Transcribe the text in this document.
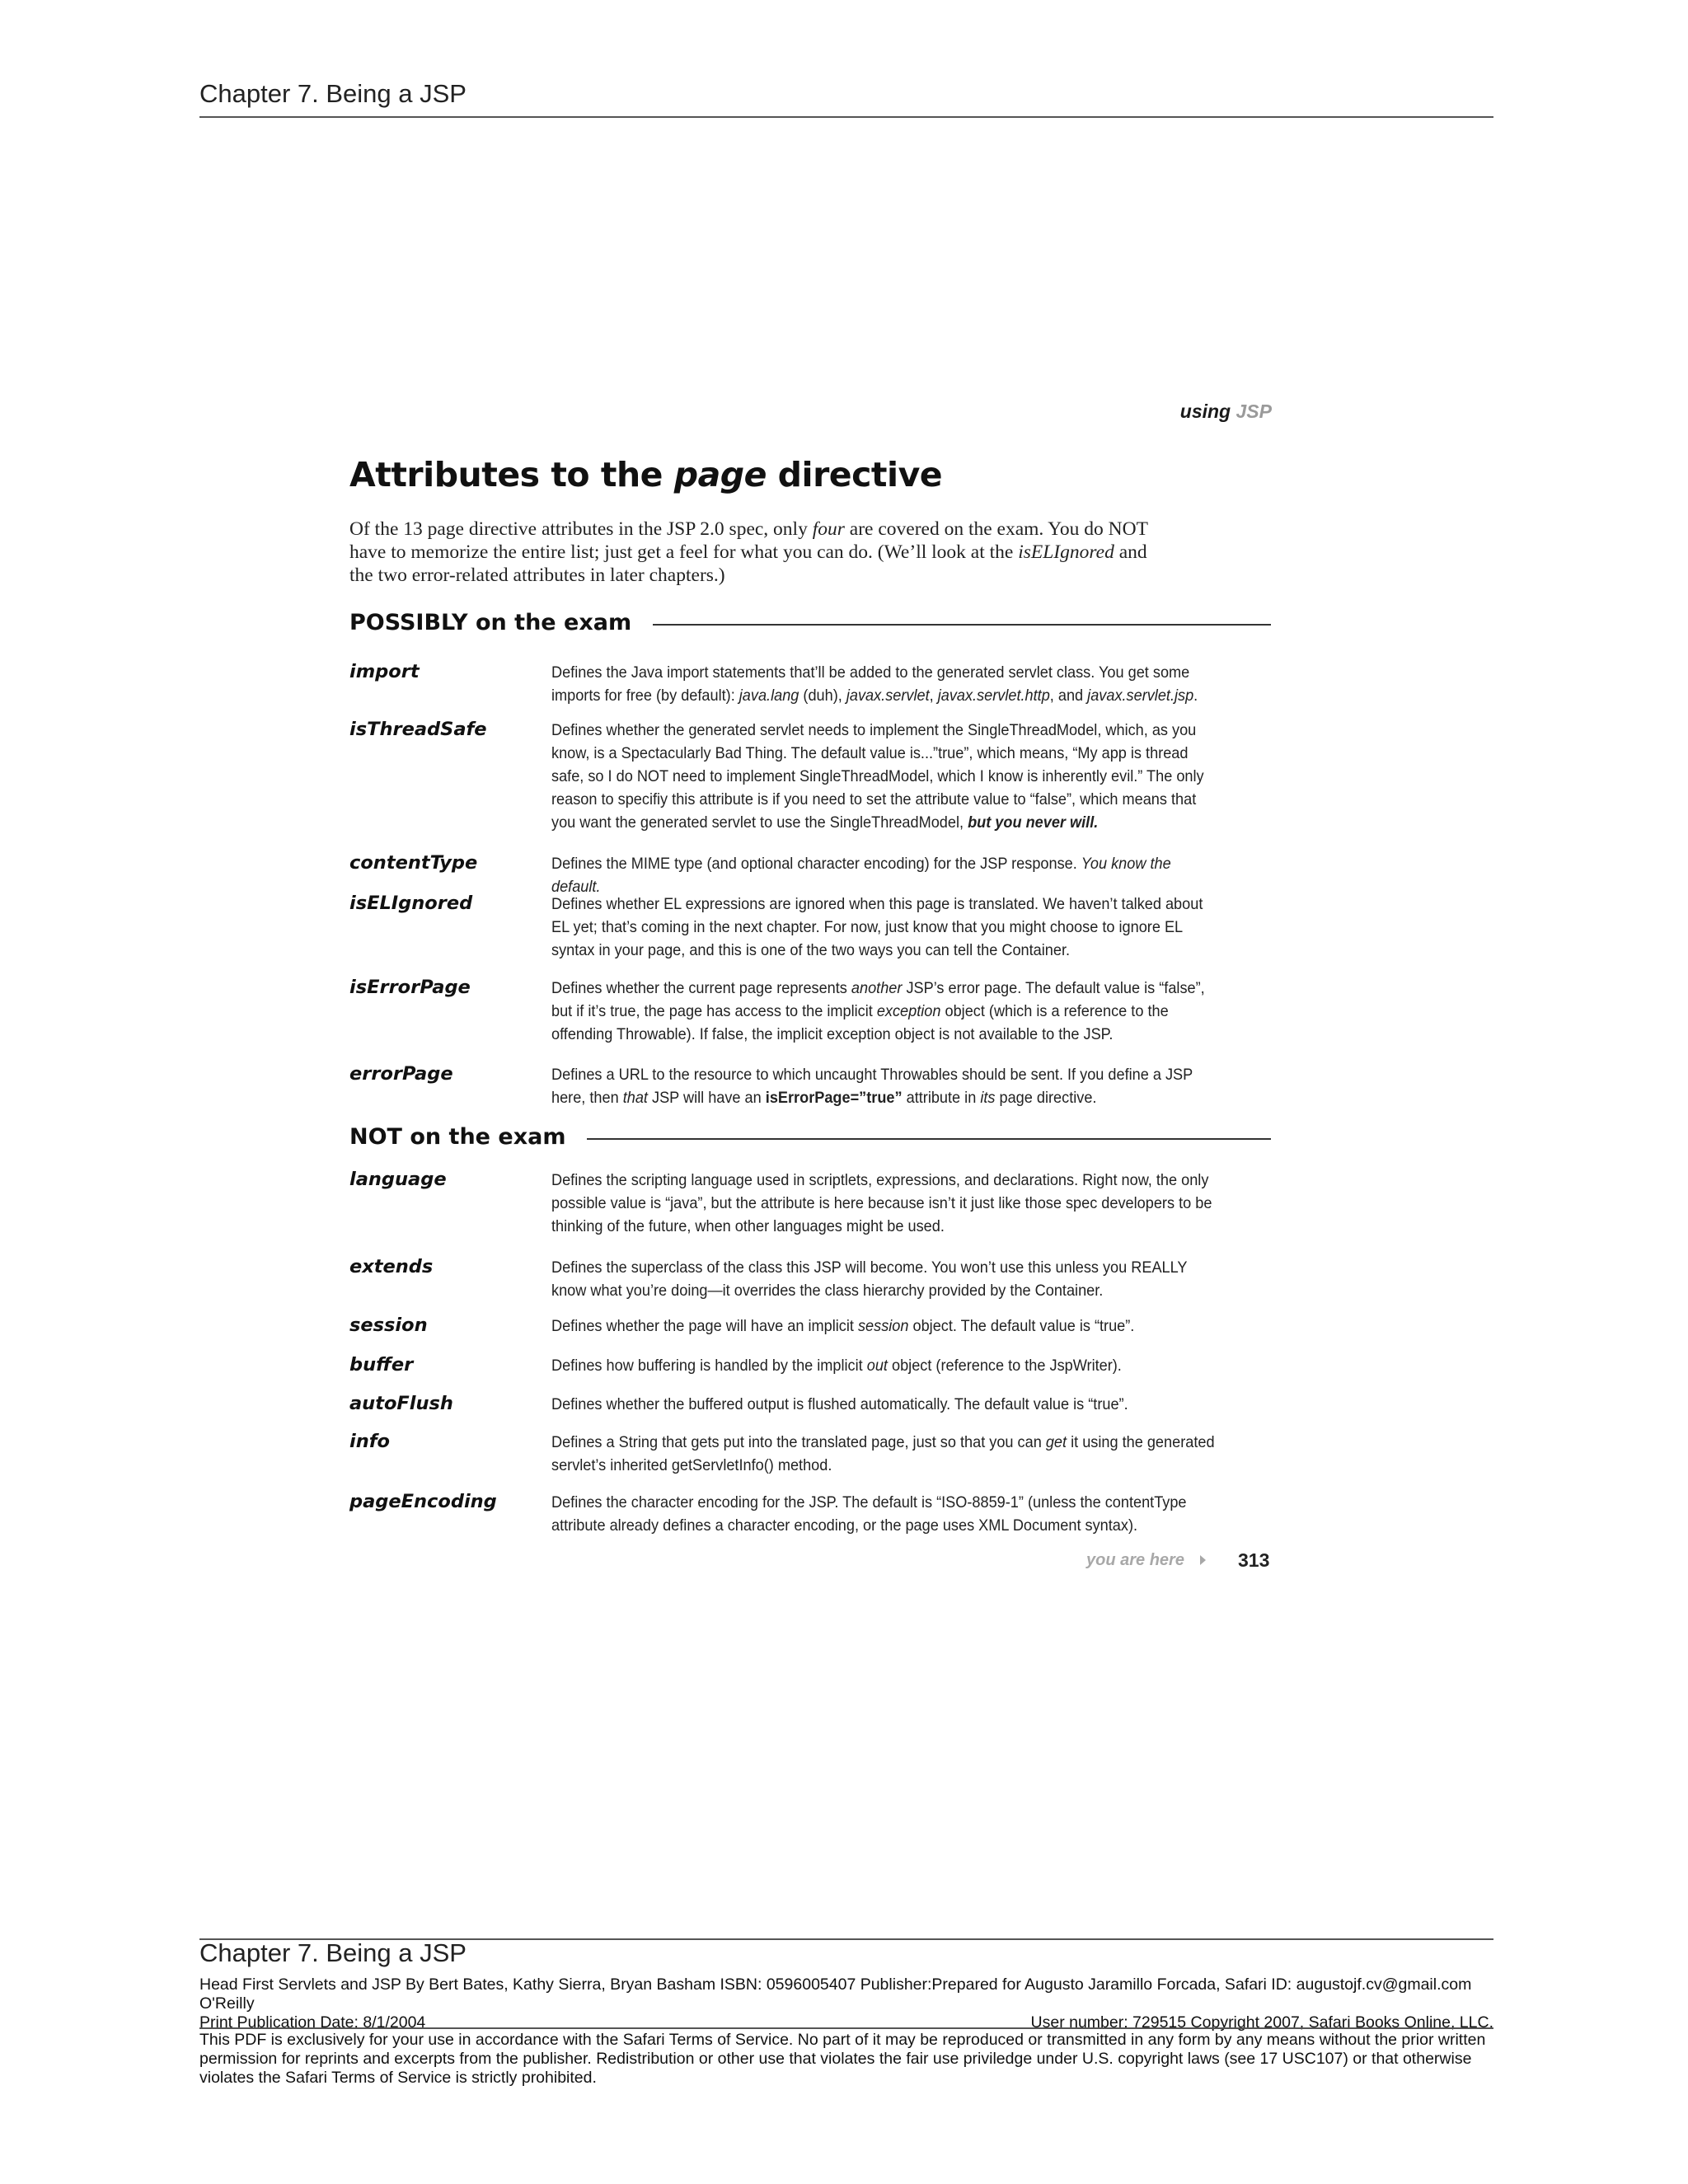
Chapter 7. Being a JSP
using JSP
Attributes to the page directive
Of the 13 page directive attributes in the JSP 2.0 spec, only four are covered on the exam. You do NOT have to memorize the entire list; just get a feel for what you can do. (We’ll look at the isELIgnored and the two error-related attributes in later chapters.)
POSSIBLY on the exam
import	Defines the Java import statements that’ll be added to the generated servlet class. You get some imports for free (by default): java.lang (duh), javax.servlet, javax.servlet.http, and javax.servlet.jsp.
isThreadSafe	Defines whether the generated servlet needs to implement the SingleThreadModel, which, as you know, is a Spectacularly Bad Thing. The default value is...”true”, which means, “My app is thread safe, so I do NOT need to implement SingleThreadModel, which I know is inherently evil.” The only reason to specifiy this attribute is if you need to set the attribute value to “false”, which means that you want the generated servlet to use the SingleThreadModel, but you never will.
contentType	Defines the MIME type (and optional character encoding) for the JSP response. You know the default.
isELIgnored	Defines whether EL expressions are ignored when this page is translated. We haven’t talked about EL yet; that’s coming in the next chapter. For now, just know that you might choose to ignore EL syntax in your page, and this is one of the two ways you can tell the Container.
isErrorPage	Defines whether the current page represents another JSP’s error page. The default value is “false”, but if it’s true, the page has access to the implicit exception object (which is a reference to the offending Throwable). If false, the implicit exception object is not available to the JSP.
errorPage	Defines a URL to the resource to which uncaught Throwables should be sent. If you define a JSP here, then that JSP will have an isErrorPage=”true” attribute in its page directive.
NOT on the exam
language	Defines the scripting language used in scriptlets, expressions, and declarations. Right now, the only possible value is “java”, but the attribute is here because isn’t it just like those spec developers to be thinking of the future, when other languages might be used.
extends	Defines the superclass of the class this JSP will become. You won’t use this unless you REALLY know what you’re doing—it overrides the class hierarchy provided by the Container.
session	Defines whether the page will have an implicit session object. The default value is “true”.
buffer	Defines how buffering is handled by the implicit out object (reference to the JspWriter).
autoFlush	Defines whether the buffered output is flushed automatically. The default value is “true”.
info	Defines a String that gets put into the translated page, just so that you can get it using the generated servlet’s inherited getServletInfo() method.
pageEncoding	Defines the character encoding for the JSP. The default is “ISO-8859-1” (unless the contentType attribute already defines a character encoding, or the page uses XML Document syntax).
you are here	313
Chapter 7. Being a JSP
Head First Servlets and JSP By Bert Bates, Kathy Sierra, Bryan Basham ISBN: 0596005407 Publisher:Prepared for Augusto Jaramillo Forcada, Safari ID: augustojf.cv@gmail.com
O'Reilly
Print Publication Date: 8/1/2004	User number: 729515 Copyright 2007, Safari Books Online, LLC.
This PDF is exclusively for your use in accordance with the Safari Terms of Service. No part of it may be reproduced or transmitted in any form by any means without the prior written permission for reprints and excerpts from the publisher. Redistribution or other use that violates the fair use priviledge under U.S. copyright laws (see 17 USC107) or that otherwise violates the Safari Terms of Service is strictly prohibited.
